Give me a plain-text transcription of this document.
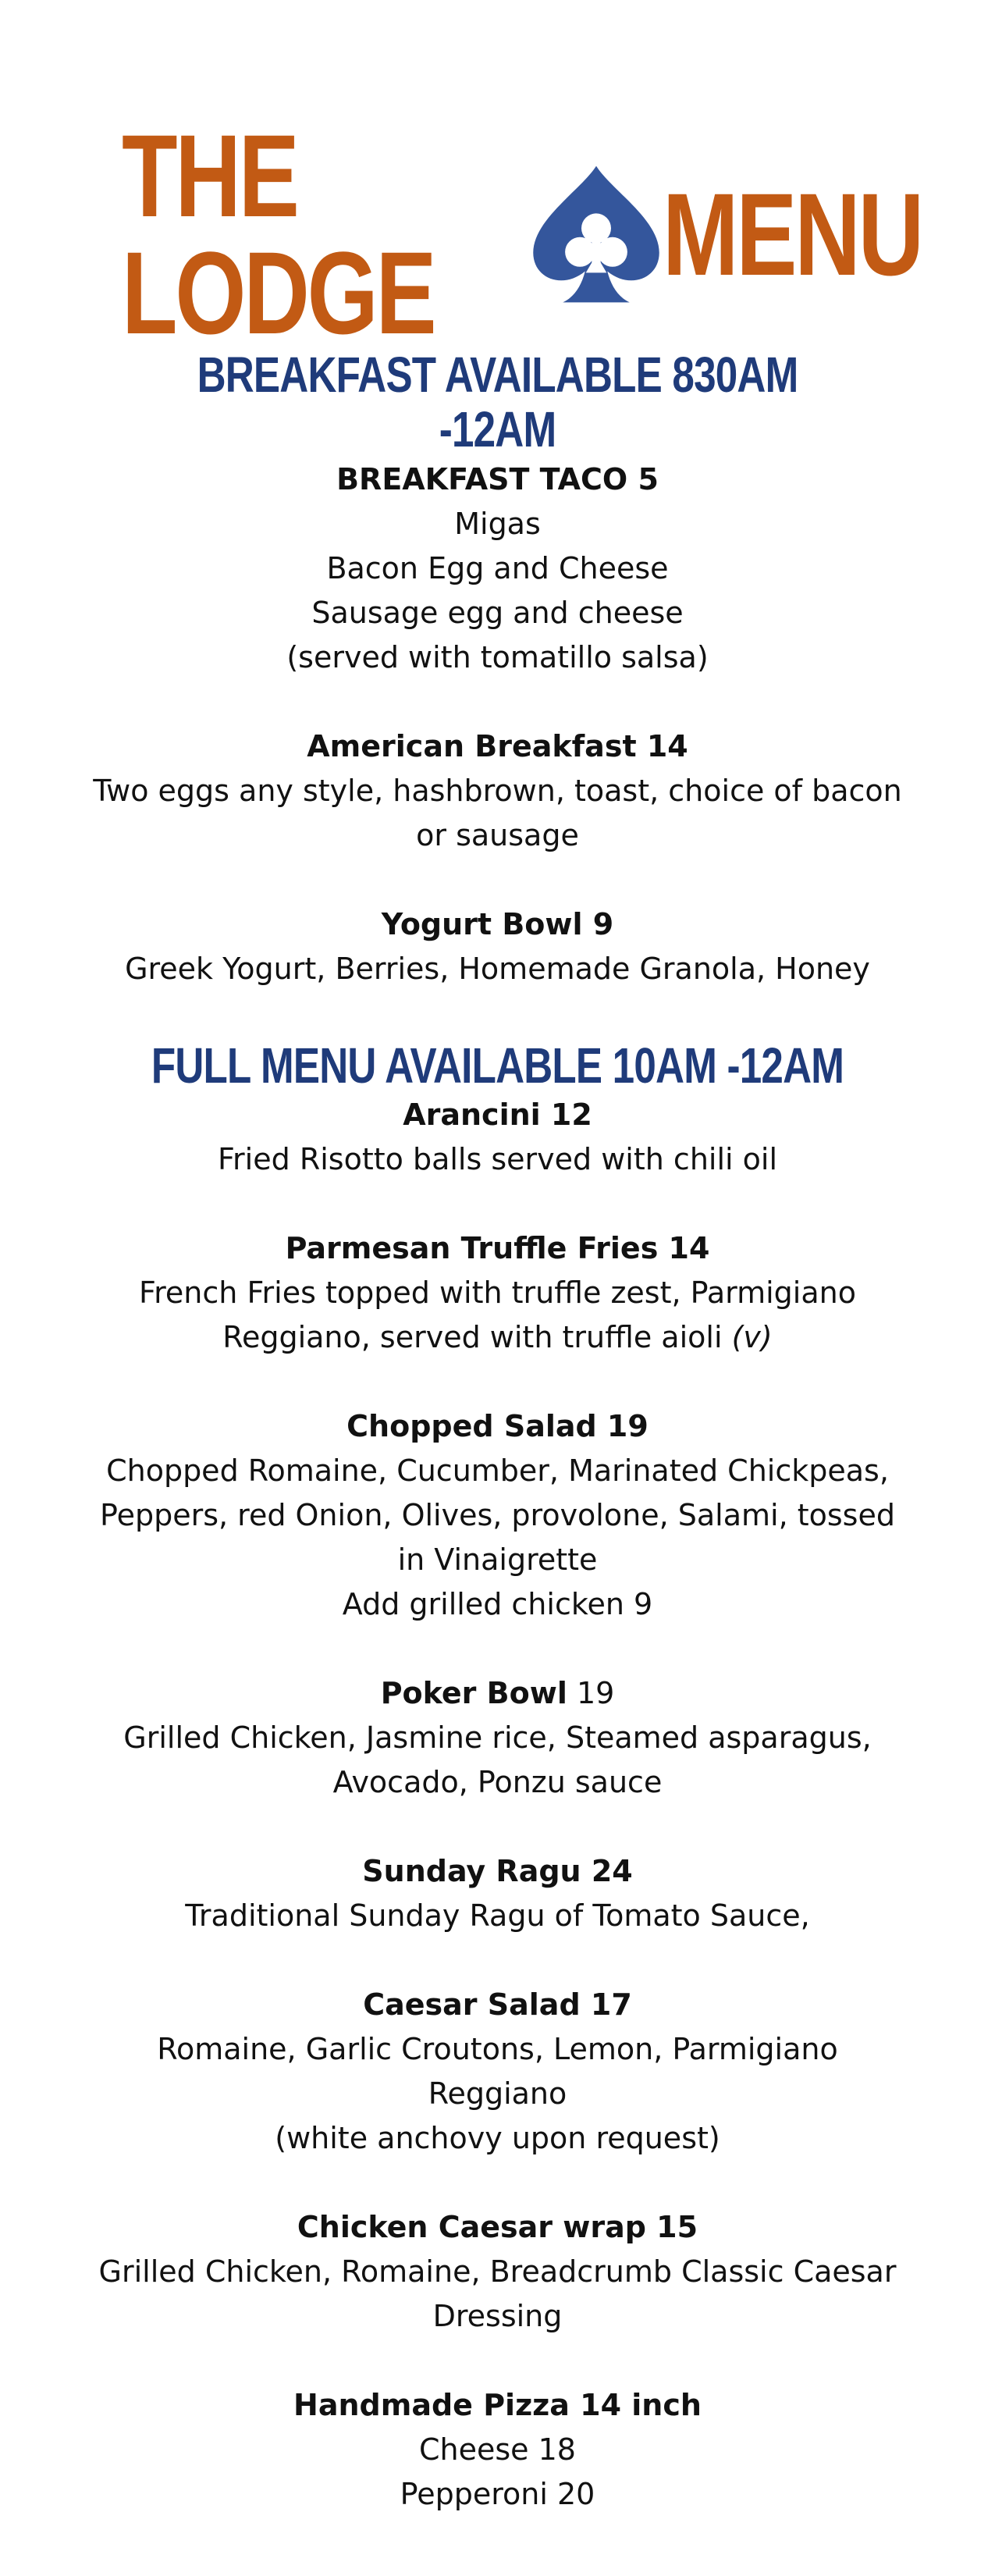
THE LODGE	MENU
BREAKFAST AVAILABLE 830AM -12AM
BREAKFAST TACO 5
Migas
Bacon Egg and Cheese
Sausage egg and cheese
(served with tomatillo salsa)
American Breakfast 14
Two eggs any style, hashbrown, toast, choice of bacon
or sausage
Yogurt Bowl 9
Greek Yogurt, Berries, Homemade Granola, Honey
FULL MENU AVAILABLE 10AM -12AM
Arancini 12
Fried Risotto balls served with chili oil
Parmesan Truffle Fries 14
French Fries topped with truffle zest, Parmigiano
Reggiano, served with truffle aioli (v)
Chopped Salad 19
Chopped Romaine, Cucumber, Marinated Chickpeas,
Peppers, red Onion, Olives, provolone, Salami, tossed
in Vinaigrette
Add grilled chicken 9
Poker Bowl 19
Grilled Chicken, Jasmine rice, Steamed asparagus,
Avocado, Ponzu sauce
Sunday Ragu 24
Traditional Sunday Ragu of Tomato Sauce,
Caesar Salad 17
Romaine, Garlic Croutons, Lemon, Parmigiano
Reggiano
(white anchovy upon request)
Chicken Caesar wrap 15
Grilled Chicken, Romaine, Breadcrumb Classic Caesar
Dressing
Handmade Pizza 14 inch
Cheese 18
Pepperoni 20
